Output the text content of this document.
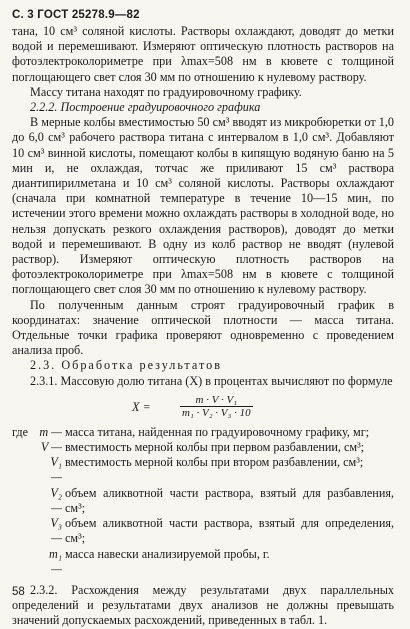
С. 3 ГОСТ 25278.9—82

тана, 10 см³ соляной кислоты. Растворы охлаждают, доводят до метки водой и перемешивают. Измеряют оптическую плотность растворов на фотоэлектроколориметре при λmax=508 нм в кювете с толщиной поглощающего свет слоя 30 мм по отношению к нулевому раствору.

Массу титана находят по градуировочному графику.

2.2.2. Построение градуировочного графика

В мерные колбы вместимостью 50 см³ вводят из микробюретки от 1,0 до 6,0 см³ рабочего раствора титана с интервалом в 1,0 см³. Добавляют 10 см³ винной кислоты, помещают колбы в кипящую водяную баню на 5 мин и, не охлаждая, тотчас же приливают 15 см³ раствора диантипирилметана и 10 см³ соляной кислоты. Растворы охлаждают (сначала при комнатной температуре в течение 10—15 мин, по истечении этого времени можно охлаждать растворы в холодной воде, но нельзя допускать резкого охлаждения растворов), доводят до метки водой и перемешивают. В одну из колб раствор не вводят (нулевой раствор). Измеряют оптическую плотность растворов на фотоэлектроколориметре при λmax=508 нм в кювете с толщиной поглощающего свет слоя 30 мм по отношению к нулевому раствору.

По полученным данным строят градуировочный график в координатах: значение оптической плотности — масса титана. Отдельные точки графика проверяют одновременно с проведением анализа проб.

2.3. Обработка результатов

2.3.1. Массовую долю титана (X) в процентах вычисляют по формуле

X =	$\frac{\text{m · V · V₁}}{\text{m₁ · V₂ · V₃ · 10}}$
где	m —	масса титана, найденная по градуировочному графику, мг;
	V —	вместимость мерной колбы при первом разбавлении, см³;
	V₁ —	вместимость мерной колбы при втором разбавлении, см³;
	V₂ —	объем аликвотной части раствора, взятый для разбавления, см³;
	V₃ —	объем аликвотной части раствора, взятый для определения, см³;
	m₁ —	масса навески анализируемой пробы, г.

2.3.2. Расхождения между результатами двух параллельных определений и результатами двух анализов не должны превышать значений допускаемых расхождений, приведенных в табл. 1.

58
